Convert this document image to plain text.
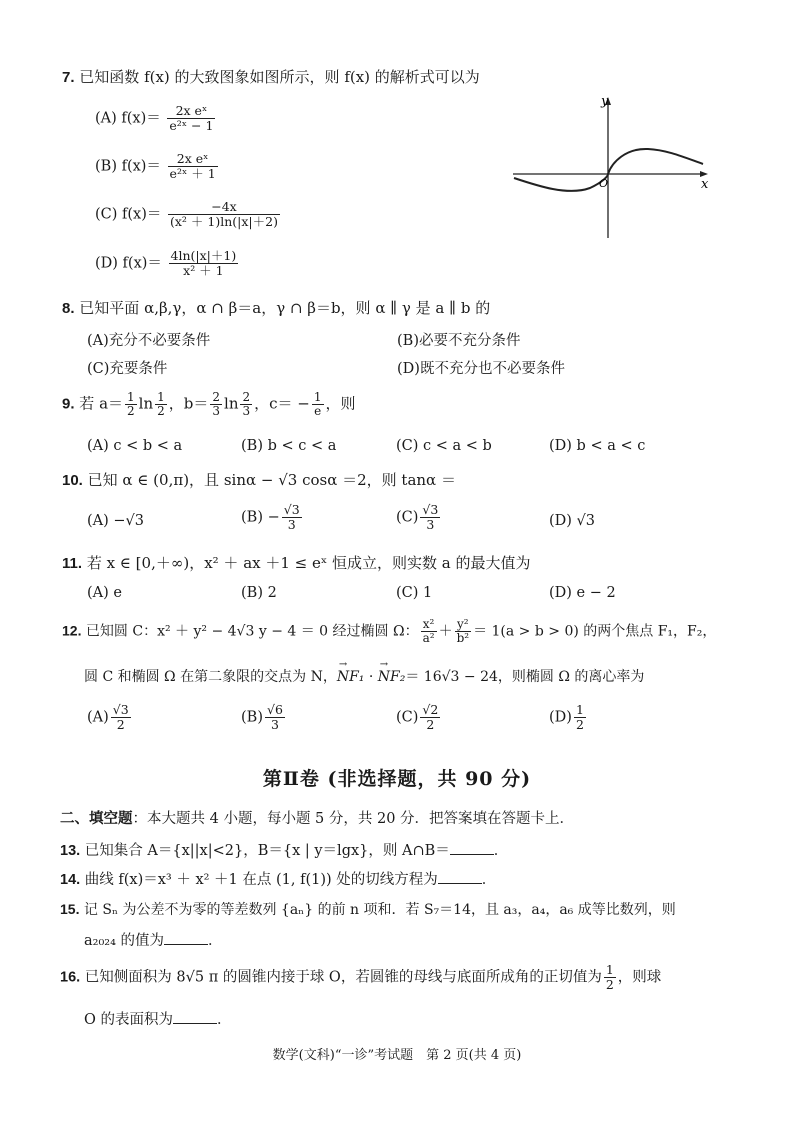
7. 已知函数 f(x) 的大致图象如图所示，则 f(x) 的解析式可以为
(A) $f(x)= \frac{\text{2x eˣ}}{\text{e²ˣ − 1}}$
(B) $f(x)= \frac{\text{2x eˣ}}{\text{e²ˣ ＋ 1}}$
(C) $f(x)= \frac{-4x}{\text{(x² ＋ 1)ln(|x|＋2)}}$
(D) $f(x)= \frac{4\ln(|x|+1)}{\text{x² ＋ 1}}$
y
x
O
8. 已知平面 α,β,γ，α ∩ β＝a，γ ∩ β＝b，则 α ∥ γ 是 a ∥ b 的
(A)充分不必要条件	(B)必要不充分条件
(C)充要条件	(D)既不充分也不必要条件
9. 若 $a= \frac{1}{2}$ $\ln \frac{1}{2}$ ，$b= \frac{2}{3}$ $\ln \frac{2}{3}$ ，$c= - \frac{1}{e}$ ，则
(A) c < b < a	(B) b < c < a	(C) c < a < b	(D) b < a < c
10. 已知 α ∈ (0,π)，且 sinα − √3 cosα ＝2，则 tanα ＝
(A) −√3	$(B) - \frac{√3}{3}$	$(C) \frac{√3}{3}$	(D) √3
11. 若 x ∈ [0,＋∞)，x² ＋ ax ＋1 ≤ eˣ 恒成立，则实数 a 的最大值为
(A) e	(B) 2	(C) 1	(D) e − 2
12. 已知圆 C：x² ＋ y² − 4√3 y − 4 ＝ 0 经过椭圆 Ω： $\frac{\text{x²}}{\text{a²}} + \frac{\text{y²}}{\text{b²}} = 1(a > b > 0)$ 的两个焦点 F₁，F₂，
圆 C 和椭圆 Ω 在第二象限的交点为 N，→ NF₁ · → NF₂＝ 16√3 − 24，则椭圆 Ω 的离心率为
$(A) \frac{√3}{2}$	$(B) \frac{√6}{3}$	$(C) \frac{√2}{2}$	$(D) \frac{1}{2}$
第Ⅱ卷 (非选择题，共 90 分)
二、填空题：本大题共 4 小题，每小题 5 分，共 20 分．把答案填在答题卡上．
13. 已知集合 A＝{x||x|<2}，B＝{x | y＝lgx}，则 A∩B＝	．
14. 曲线 f(x)＝x³ ＋ x² ＋1 在点 (1, f(1)) 处的切线方程为	．
15. 记 Sₙ 为公差不为零的等差数列 {aₙ} 的前 n 项和．若 S₇＝14，且 a₃，a₄，a₆ 成等比数列，则
a₂₀₂₄ 的值为	．
16. 已知侧面积为 8√5 π 的圆锥内接于球 O，若圆锥的母线与底面所成角的正切值为 $\frac{1}{2}$ ，则球
O 的表面积为	．
数学(文科)“一诊”考试题　第 2 页(共 4 页)
